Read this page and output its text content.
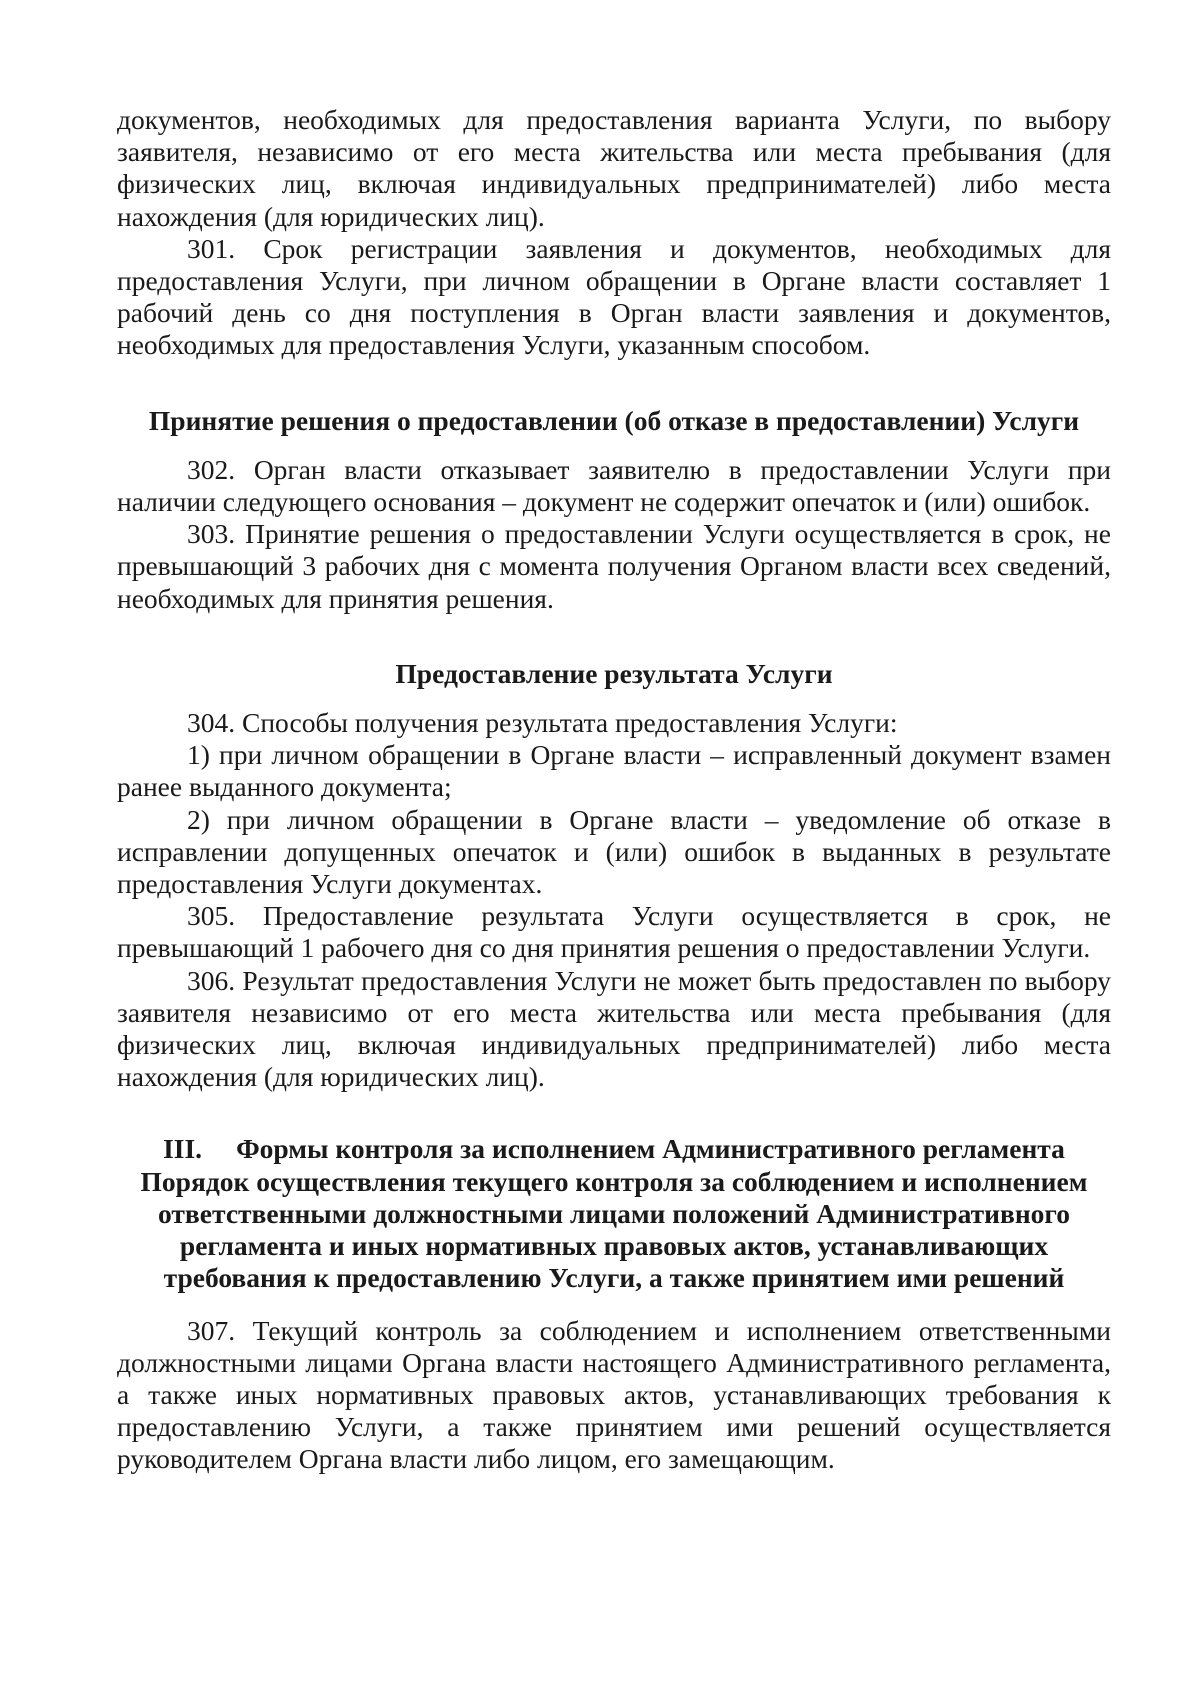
документов, необходимых для предоставления варианта Услуги, по выбору заявителя, независимо от его места жительства или места пребывания (для физических лиц, включая индивидуальных предпринимателей) либо места нахождения (для юридических лиц).

301. Срок регистрации заявления и документов, необходимых для предоставления Услуги, при личном обращении в Органе власти составляет 1 рабочий день со дня поступления в Орган власти заявления и документов, необходимых для предоставления Услуги, указанным способом.

Принятие решения о предоставлении (об отказе в предоставлении) Услуги

302. Орган власти отказывает заявителю в предоставлении Услуги при наличии следующего основания – документ не содержит опечаток и (или) ошибок.

303. Принятие решения о предоставлении Услуги осуществляется в срок, не превышающий 3 рабочих дня с момента получения Органом власти всех сведений, необходимых для принятия решения.

Предоставление результата Услуги

304. Способы получения результата предоставления Услуги:

1) при личном обращении в Органе власти – исправленный документ взамен ранее выданного документа;

2) при личном обращении в Органе власти – уведомление об отказе в исправлении допущенных опечаток и (или) ошибок в выданных в результате предоставления Услуги документах.

305. Предоставление результата Услуги осуществляется в срок, не превышающий 1 рабочего дня со дня принятия решения о предоставлении Услуги.

306. Результат предоставления Услуги не может быть предоставлен по выбору заявителя независимо от его места жительства или места пребывания (для физических лиц, включая индивидуальных предпринимателей) либо места нахождения (для юридических лиц).

III. Формы контроля за исполнением Административного регламента

Порядок осуществления текущего контроля за соблюдением и исполнением

ответственными должностными лицами положений Административного

регламента и иных нормативных правовых актов, устанавливающих

требования к предоставлению Услуги, а также принятием ими решений

307. Текущий контроль за соблюдением и исполнением ответственными должностными лицами Органа власти настоящего Административного регламента, а также иных нормативных правовых актов, устанавливающих требования к предоставлению Услуги, а также принятием ими решений осуществляется руководителем Органа власти либо лицом, его замещающим.
